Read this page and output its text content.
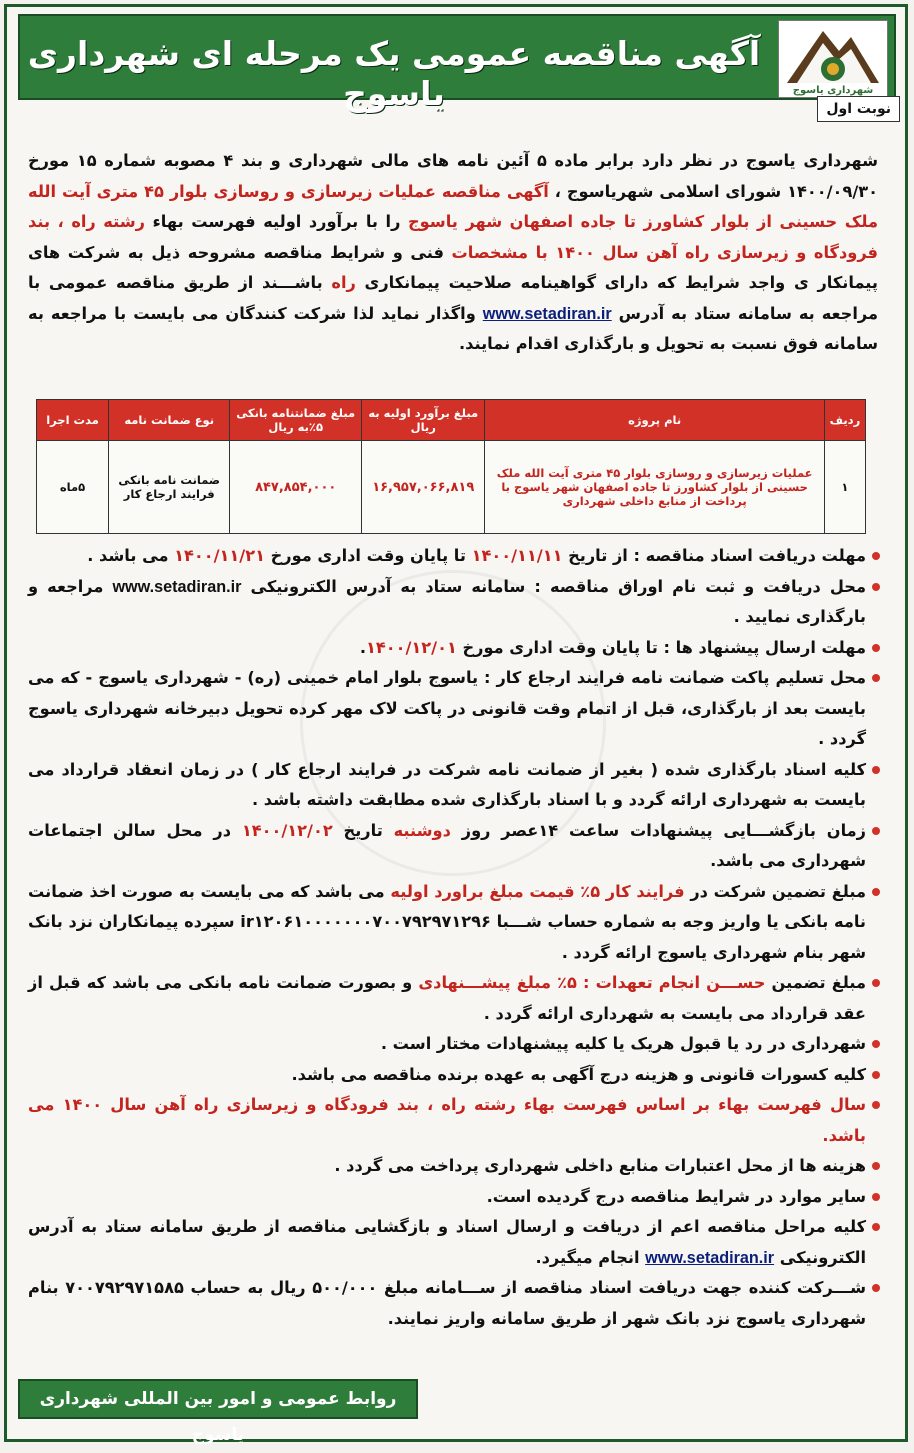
آگهی مناقصه عمومی یک مرحله ای شهرداری یاسوج	شهرداری یاسوج
نوبت اول
شهرداری یاسوج در نظر دارد برابر ماده ۵ آئین نامه های مالی شهرداری و بند ۴ مصوبه شماره ۱۵ مورخ ۱۴۰۰/۰۹/۳۰ شورای اسلامی شهریاسوج ، آگهی مناقصه عملیات زیرسازی و روسازی بلوار ۴۵ متری آیت الله ملک حسینی از بلوار کشاورز تا جاده اصفهان شهر یاسوج را با برآورد اولیه فهرست بهاء رشته راه ، بند فرودگاه و زیرسازی راه آهن سال ۱۴۰۰ با مشخصات فنی و شرایط مناقصه مشروحه ذیل به شرکت های پیمانکار ی واجد شرایط که دارای گواهینامه صلاحیت پیمانکاری راه باشـــند از طریق مناقصه عمومی با مراجعه به سامانه ستاد به آدرس www.setadiran.ir واگذار نماید لذا شرکت کنندگان می بایست با مراجعه به سامانه فوق نسبت به تحویل و بارگذاری اقدام نمایند.
ردیف	نام پروژه	مبلغ برآورد اولیه به ریال	مبلغ ضمانتنامه بانکی ۵٪به ریال	نوع ضمانت نامه	مدت اجرا
۱	عملیات زیرسازی و روسازی بلوار ۴۵ متری آیت الله ملک حسینی از بلوار کشاورز تا جاده اصفهان شهر یاسوج با پرداخت از منابع داخلی شهرداری	۱۶,۹۵۷,۰۶۶,۸۱۹	۸۴۷,۸۵۴,۰۰۰	ضمانت نامه بانکی فرایند ارجاع کار	۵ماه
مهلت دریافت اسناد مناقصه : از تاریخ ۱۴۰۰/۱۱/۱۱ تا پایان وقت اداری مورخ ۱۴۰۰/۱۱/۲۱ می باشد .
محل دریافت و ثبت نام اوراق مناقصه : سامانه ستاد به آدرس الکترونیکی www.setadiran.ir مراجعه و بارگذاری نمایید .
مهلت ارسال پیشنهاد ها : تا پایان وقت اداری مورخ ۱۴۰۰/۱۲/۰۱.
محل تسلیم پاکت ضمانت نامه فرایند ارجاع کار : یاسوج بلوار امام خمینی (ره) - شهرداری یاسوج - که می بایست بعد از بارگذاری، قبل از اتمام وقت قانونی در پاکت لاک مهر کرده تحویل دبیرخانه شهرداری یاسوج گردد .
کلیه اسناد بارگذاری شده ( بغیر از ضمانت نامه شرکت در فرایند ارجاع کار ) در زمان انعقاد قرارداد می بایست به شهرداری ارائه گردد و با اسناد بارگذاری شده مطابقت داشته باشد .
زمان بازگشـــایی پیشنهادات ساعت ۱۴عصر روز دوشنبه تاریخ ۱۴۰۰/۱۲/۰۲ در محل سالن اجتماعات شهرداری می باشد.
مبلغ تضمین شرکت در فرایند کار ۵٪ قیمت مبلغ براورد اولیه می باشد که می بایست به صورت اخذ ضمانت نامه بانکی یا واریز وجه به شماره حساب شـــبا ir۱۲۰۶۱۰۰۰۰۰۰۰۷۰۰۷۹۲۹۷۱۲۹۶ سپرده پیمانکاران نزد بانک شهر بنام شهرداری یاسوج ارائه گردد .
مبلغ تضمین حســـن انجام تعهدات : ۵٪ مبلغ پیشـــنهادی و بصورت ضمانت نامه بانکی می باشد که قبل از عقد قرارداد می بایست به شهرداری ارائه گردد .
شهرداری در رد یا قبول هریک یا کلیه پیشنهادات مختار است .
کلیه کسورات قانونی و هزینه درج آگهی به عهده برنده مناقصه می باشد.
سال فهرست بهاء بر اساس فهرست بهاء رشته راه ، بند فرودگاه و زیرسازی راه آهن سال ۱۴۰۰ می باشد.
هزینه ها از محل اعتبارات منابع داخلی شهرداری پرداخت می گردد .
سایر موارد در شرایط مناقصه درج گردیده است.
کلیه مراحل مناقصه اعم از دریافت و ارسال اسناد و بازگشایی مناقصه از طریق سامانه ستاد به آدرس الکترونیکی www.setadiran.ir انجام میگیرد.
شـــرکت کننده جهت دریافت اسناد مناقصه از ســـامانه مبلغ ۵۰۰/۰۰۰ ریال به حساب ۷۰۰۷۹۲۹۷۱۵۸۵ بنام شهرداری یاسوج نزد بانک شهر از طریق سامانه واریز نمایند.
روابط عمومی و امور بین المللی شهرداری یاسوج
